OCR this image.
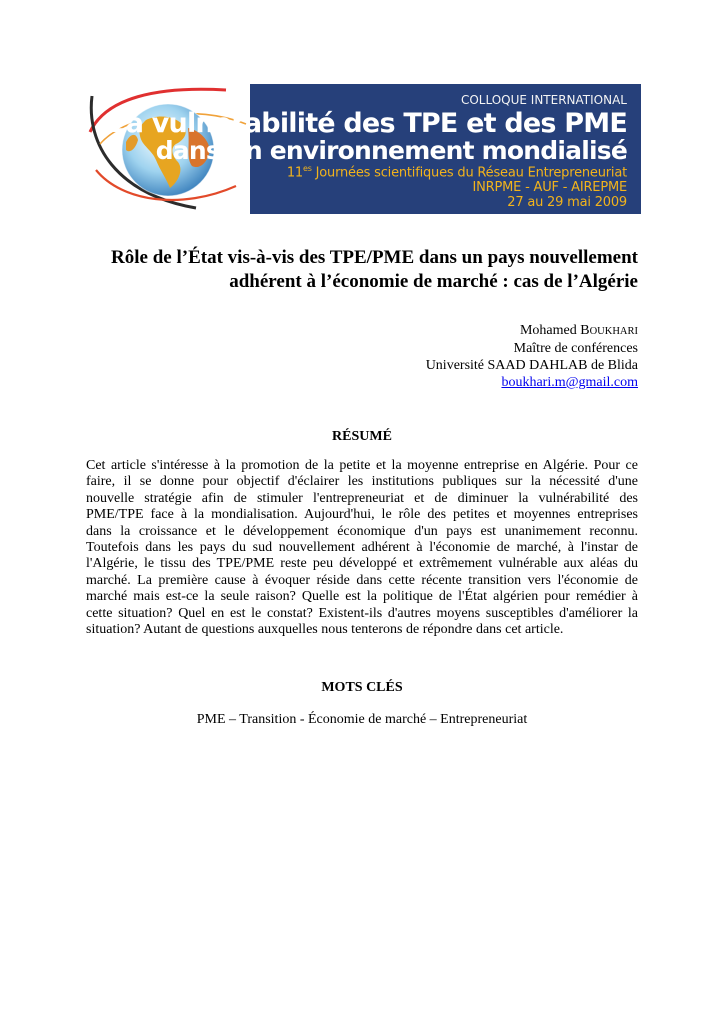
COLLOQUE INTERNATIONAL
La vulnérabilité des TPE et des PME
dans un environnement mondialisé
$11^{es}$ Journées scientifiques du Réseau Entrepreneuriat
INRPME - AUF - AIREPME
27 au 29 mai 2009
Rôle de l’État vis-à-vis des TPE/PME dans un pays nouvellement
adhérent à l’économie de marché : cas de l’Algérie
Mohamed BOUKHARI
Maître de conférences
Université SAAD DAHLAB de Blida
boukhari.m@gmail.com
RÉSUMÉ
Cet article s'intéresse à la promotion de la petite et la moyenne entreprise en Algérie. Pour ce
faire, il se donne pour objectif d'éclairer les institutions publiques sur la nécessité d'une
nouvelle stratégie afin de stimuler l'entrepreneuriat et de diminuer la vulnérabilité des
PME/TPE face à la mondialisation. Aujourd'hui, le rôle des petites et moyennes entreprises
dans la croissance et le développement économique d'un pays est unanimement reconnu.
Toutefois dans les pays du sud nouvellement adhérent à l'économie de marché, à l'instar de
l'Algérie, le tissu des TPE/PME reste peu développé et extrêmement vulnérable aux aléas du
marché. La première cause à évoquer réside dans cette récente transition vers l'économie de
marché mais est-ce la seule raison? Quelle est la politique de l'État algérien pour remédier à
cette situation? Quel en est le constat? Existent-ils d'autres moyens susceptibles d'améliorer la
situation? Autant de questions auxquelles nous tenterons de répondre dans cet article.
MOTS CLÉS
PME – Transition - Économie de marché – Entrepreneuriat
